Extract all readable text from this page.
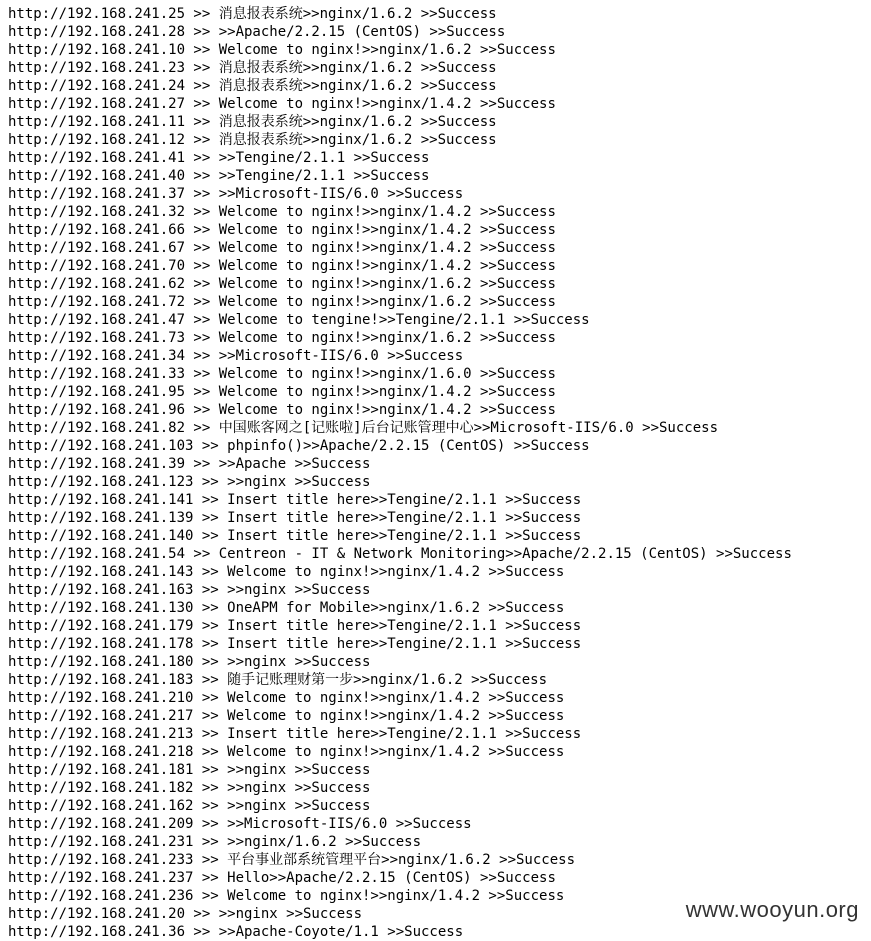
http://192.168.241.25 >> 消息报表系统>>nginx/1.6.2 >>Success
http://192.168.241.28 >> >>Apache/2.2.15 (CentOS) >>Success
http://192.168.241.10 >> Welcome to nginx!>>nginx/1.6.2 >>Success
http://192.168.241.23 >> 消息报表系统>>nginx/1.6.2 >>Success
http://192.168.241.24 >> 消息报表系统>>nginx/1.6.2 >>Success
http://192.168.241.27 >> Welcome to nginx!>>nginx/1.4.2 >>Success
http://192.168.241.11 >> 消息报表系统>>nginx/1.6.2 >>Success
http://192.168.241.12 >> 消息报表系统>>nginx/1.6.2 >>Success
http://192.168.241.41 >> >>Tengine/2.1.1 >>Success
http://192.168.241.40 >> >>Tengine/2.1.1 >>Success
http://192.168.241.37 >> >>Microsoft-IIS/6.0 >>Success
http://192.168.241.32 >> Welcome to nginx!>>nginx/1.4.2 >>Success
http://192.168.241.66 >> Welcome to nginx!>>nginx/1.4.2 >>Success
http://192.168.241.67 >> Welcome to nginx!>>nginx/1.4.2 >>Success
http://192.168.241.70 >> Welcome to nginx!>>nginx/1.4.2 >>Success
http://192.168.241.62 >> Welcome to nginx!>>nginx/1.6.2 >>Success
http://192.168.241.72 >> Welcome to nginx!>>nginx/1.6.2 >>Success
http://192.168.241.47 >> Welcome to tengine!>>Tengine/2.1.1 >>Success
http://192.168.241.73 >> Welcome to nginx!>>nginx/1.6.2 >>Success
http://192.168.241.34 >> >>Microsoft-IIS/6.0 >>Success
http://192.168.241.33 >> Welcome to nginx!>>nginx/1.6.0 >>Success
http://192.168.241.95 >> Welcome to nginx!>>nginx/1.4.2 >>Success
http://192.168.241.96 >> Welcome to nginx!>>nginx/1.4.2 >>Success
http://192.168.241.82 >> 中国账客网之[记账啦]后台记账管理中心>>Microsoft-IIS/6.0 >>Success
http://192.168.241.103 >> phpinfo()>>Apache/2.2.15 (CentOS) >>Success
http://192.168.241.39 >> >>Apache >>Success
http://192.168.241.123 >> >>nginx >>Success
http://192.168.241.141 >> Insert title here>>Tengine/2.1.1 >>Success
http://192.168.241.139 >> Insert title here>>Tengine/2.1.1 >>Success
http://192.168.241.140 >> Insert title here>>Tengine/2.1.1 >>Success
http://192.168.241.54 >> Centreon - IT & Network Monitoring>>Apache/2.2.15 (CentOS) >>Success
http://192.168.241.143 >> Welcome to nginx!>>nginx/1.4.2 >>Success
http://192.168.241.163 >> >>nginx >>Success
http://192.168.241.130 >> OneAPM for Mobile>>nginx/1.6.2 >>Success
http://192.168.241.179 >> Insert title here>>Tengine/2.1.1 >>Success
http://192.168.241.178 >> Insert title here>>Tengine/2.1.1 >>Success
http://192.168.241.180 >> >>nginx >>Success
http://192.168.241.183 >> 随手记账理财第一步>>nginx/1.6.2 >>Success
http://192.168.241.210 >> Welcome to nginx!>>nginx/1.4.2 >>Success
http://192.168.241.217 >> Welcome to nginx!>>nginx/1.4.2 >>Success
http://192.168.241.213 >> Insert title here>>Tengine/2.1.1 >>Success
http://192.168.241.218 >> Welcome to nginx!>>nginx/1.4.2 >>Success
http://192.168.241.181 >> >>nginx >>Success
http://192.168.241.182 >> >>nginx >>Success
http://192.168.241.162 >> >>nginx >>Success
http://192.168.241.209 >> >>Microsoft-IIS/6.0 >>Success
http://192.168.241.231 >> >>nginx/1.6.2 >>Success
http://192.168.241.233 >> 平台事业部系统管理平台>>nginx/1.6.2 >>Success
http://192.168.241.237 >> Hello>>Apache/2.2.15 (CentOS) >>Success
http://192.168.241.236 >> Welcome to nginx!>>nginx/1.4.2 >>Success
http://192.168.241.20 >> >>nginx >>Success
http://192.168.241.36 >> >>Apache-Coyote/1.1 >>Success
www.wooyun.org
